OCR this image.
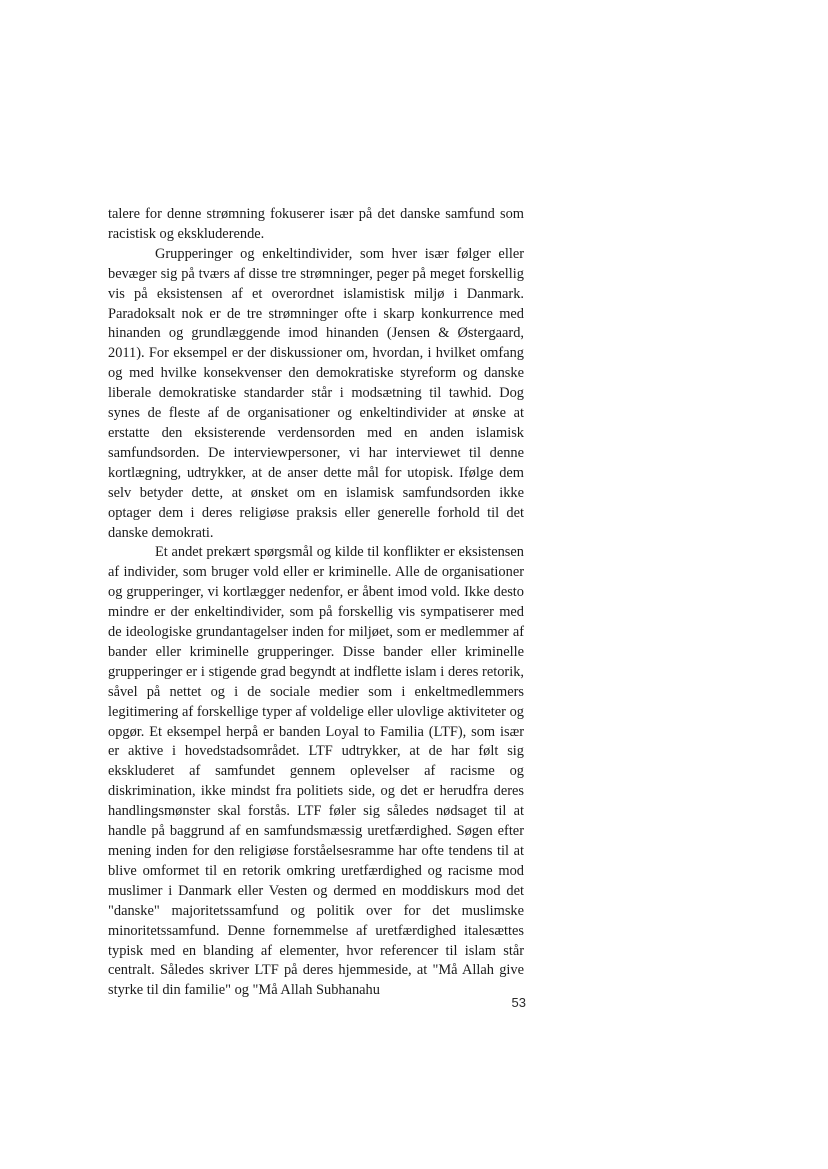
talere for denne strømning fokuserer især på det danske samfund som racistisk og ekskluderende.

Grupperinger og enkeltindivider, som hver især følger eller bevæger sig på tværs af disse tre strømninger, peger på meget forskellig vis på eksistensen af et overordnet islamistisk miljø i Danmark. Paradoksalt nok er de tre strømninger ofte i skarp konkurrence med hinanden og grundlæggende imod hinanden (Jensen & Østergaard, 2011). For eksempel er der diskussioner om, hvordan, i hvilket omfang og med hvilke konsekvenser den demokratiske styreform og danske liberale demokratiske standarder står i modsætning til tawhid. Dog synes de fleste af de organisationer og enkeltindivider at ønske at erstatte den eksisterende verdensorden med en anden islamisk samfundsorden. De interviewpersoner, vi har interviewet til denne kortlægning, udtrykker, at de anser dette mål for utopisk. Ifølge dem selv betyder dette, at ønsket om en islamisk samfundsorden ikke optager dem i deres religiøse praksis eller generelle forhold til det danske demokrati.

Et andet prekært spørgsmål og kilde til konflikter er eksistensen af individer, som bruger vold eller er kriminelle. Alle de organisationer og grupperinger, vi kortlægger nedenfor, er åbent imod vold. Ikke desto mindre er der enkeltindivider, som på forskellig vis sympatiserer med de ideologiske grundantagelser inden for miljøet, som er medlemmer af bander eller kriminelle grupperinger. Disse bander eller kriminelle grupperinger er i stigende grad begyndt at indflette islam i deres retorik, såvel på nettet og i de sociale medier som i enkeltmedlemmers legitimering af forskellige typer af voldelige eller ulovlige aktiviteter og opgør. Et eksempel herpå er banden Loyal to Familia (LTF), som især er aktive i hovedstadsområdet. LTF udtrykker, at de har følt sig ekskluderet af samfundet gennem oplevelser af racisme og diskrimination, ikke mindst fra politiets side, og det er herudfra deres handlingsmønster skal forstås. LTF føler sig således nødsaget til at handle på baggrund af en samfundsmæssig uretfærdighed. Søgen efter mening inden for den religiøse forståelsesramme har ofte tendens til at blive omformet til en retorik omkring uretfærdighed og racisme mod muslimer i Danmark eller Vesten og dermed en moddiskurs mod det "danske" majoritetssamfund og politik over for det muslimske minoritetssamfund. Denne fornemmelse af uretfærdighed italesættes typisk med en blanding af elementer, hvor referencer til islam står centralt. Således skriver LTF på deres hjemmeside, at "Må Allah give styrke til din familie" og "Må Allah Subhanahu

53
